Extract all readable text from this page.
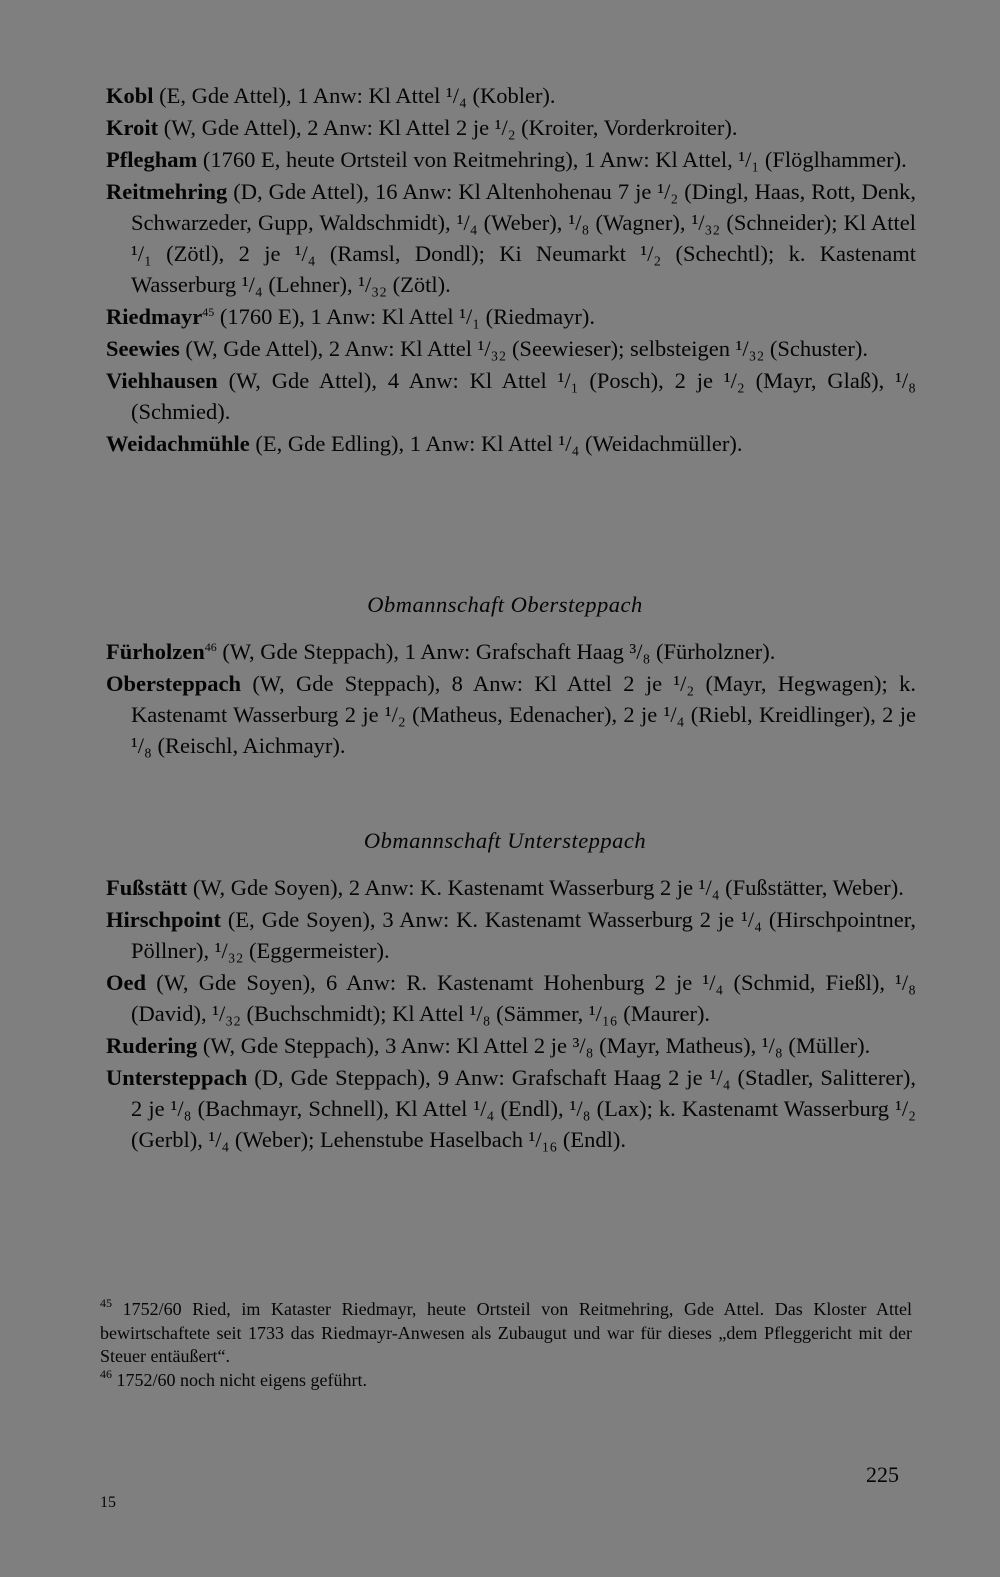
Kobl (E, Gde Attel), 1 Anw: Kl Attel ¹/₄ (Kobler).

Kroit (W, Gde Attel), 2 Anw: Kl Attel 2 je ¹/₂ (Kroiter, Vorderkroiter).

Pflegham (1760 E, heute Ortsteil von Reitmehring), 1 Anw: Kl Attel, ¹/₁ (Flöglhammer).

Reitmehring (D, Gde Attel), 16 Anw: Kl Altenhohenau 7 je ¹/₂ (Dingl, Haas, Rott, Denk, Schwarzeder, Gupp, Waldschmidt), ¹/₄ (Weber), ¹/₈ (Wagner), ¹/₃₂ (Schneider); Kl Attel ¹/₁ (Zötl), 2 je ¹/₄ (Ramsl, Dondl); Ki Neumarkt ¹/₂ (Schechtl); k. Kastenamt Wasserburg ¹/₄ (Lehner), ¹/₃₂ (Zötl).

Riedmayr$^{45}$ (1760 E), 1 Anw: Kl Attel ¹/₁ (Riedmayr).

Seewies (W, Gde Attel), 2 Anw: Kl Attel ¹/₃₂ (Seewieser); selbsteigen ¹/₃₂ (Schuster).

Viehhausen (W, Gde Attel), 4 Anw: Kl Attel ¹/₁ (Posch), 2 je ¹/₂ (Mayr, Glaß), ¹/₈ (Schmied).

Weidachmühle (E, Gde Edling), 1 Anw: Kl Attel ¹/₄ (Weidachmüller).

Obmannschaft Obersteppach

Fürholzen$^{46}$ (W, Gde Steppach), 1 Anw: Grafschaft Haag ³/₈ (Fürholzner).

Obersteppach (W, Gde Steppach), 8 Anw: Kl Attel 2 je ¹/₂ (Mayr, Hegwagen); k. Kastenamt Wasserburg 2 je ¹/₂ (Matheus, Edenacher), 2 je ¹/₄ (Riebl, Kreidlinger), 2 je ¹/₈ (Reischl, Aichmayr).

Obmannschaft Untersteppach

Fußstätt (W, Gde Soyen), 2 Anw: K. Kastenamt Wasserburg 2 je ¹/₄ (Fußstätter, Weber).

Hirschpoint (E, Gde Soyen), 3 Anw: K. Kastenamt Wasserburg 2 je ¹/₄ (Hirschpointner, Pöllner), ¹/₃₂ (Eggermeister).

Oed (W, Gde Soyen), 6 Anw: R. Kastenamt Hohenburg 2 je ¹/₄ (Schmid, Fießl), ¹/₈ (David), ¹/₃₂ (Buchschmidt); Kl Attel ¹/₈ (Sämmer, ¹/₁₆ (Maurer).

Rudering (W, Gde Steppach), 3 Anw: Kl Attel 2 je ³/₈ (Mayr, Matheus), ¹/₈ (Müller).

Untersteppach (D, Gde Steppach), 9 Anw: Grafschaft Haag 2 je ¹/₄ (Stadler, Salitterer), 2 je ¹/₈ (Bachmayr, Schnell), Kl Attel ¹/₄ (Endl), ¹/₈ (Lax); k. Kastenamt Wasserburg ¹/₂ (Gerbl), ¹/₄ (Weber); Lehenstube Haselbach ¹/₁₆ (Endl).

$^{45}$ 1752/60 Ried, im Kataster Riedmayr, heute Ortsteil von Reitmehring, Gde Attel. Das Kloster Attel bewirtschaftete seit 1733 das Riedmayr-Anwesen als Zubaugut und war für dieses „dem Pfleggericht mit der Steuer entäußert“.

$^{46}$ 1752/60 noch nicht eigens geführt.

225
15
